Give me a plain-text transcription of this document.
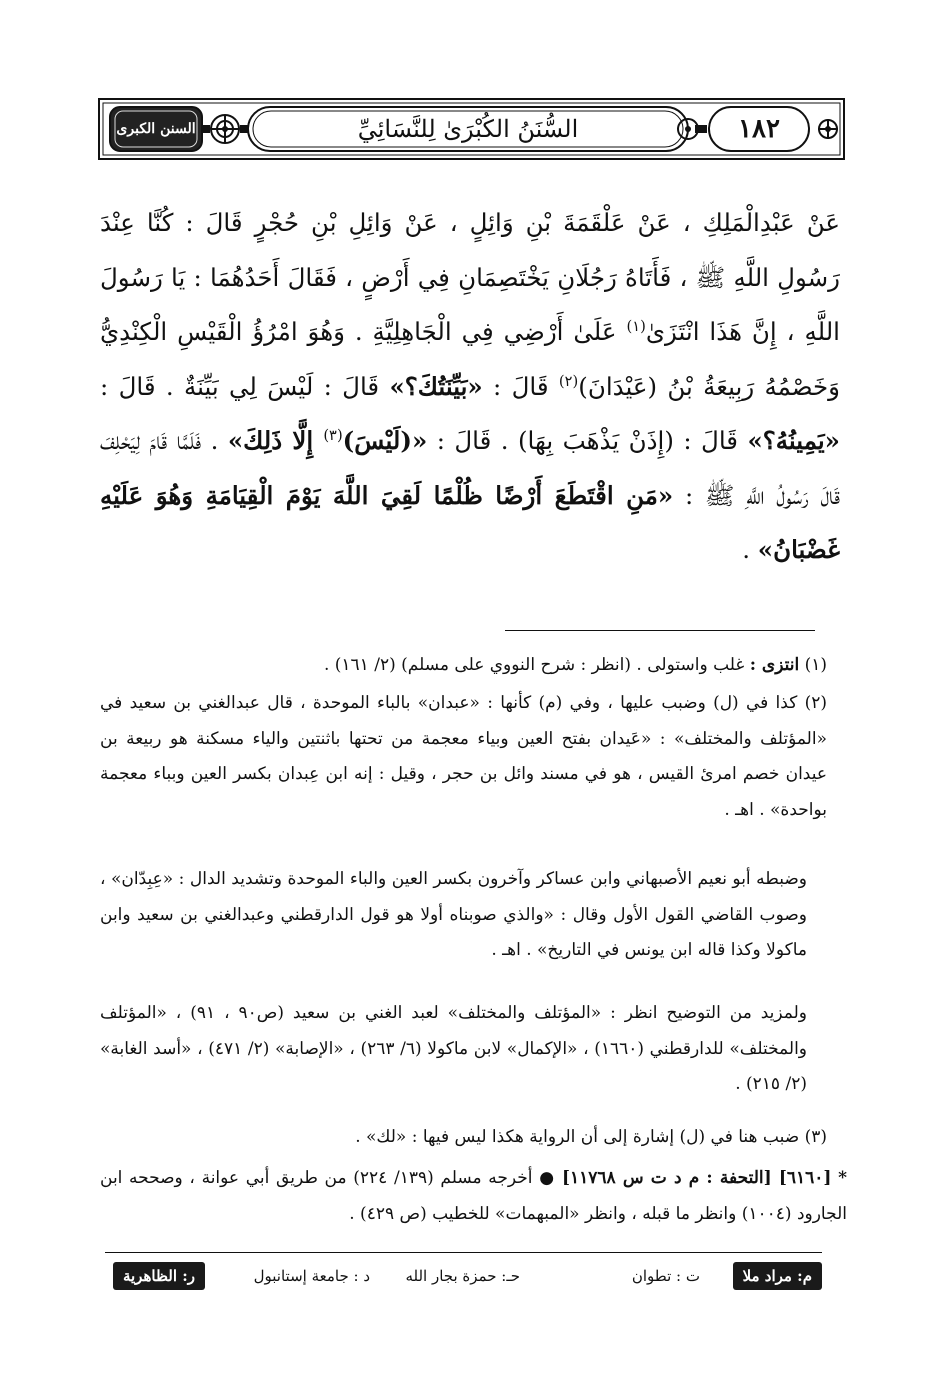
١٨٢
السُّنَنُ الكُبْرَىٰ لِلنَّسَائِيِّ
السنن الكبرى
عَنْ عَبْدِالْمَلِكِ ، عَنْ عَلْقَمَةَ بْنِ وَائِلٍ ، عَنْ وَائِلِ بْنِ حُجْرٍ قَالَ : كُنَّا عِنْدَ رَسُولِ اللَّهِ ﷺ ، فَأَتَاهُ رَجُلَانِ يَخْتَصِمَانِ فِي أَرْضٍ ، فَقَالَ أَحَدُهُمَا : يَا رَسُولَ اللَّهِ ، إِنَّ هَذَا انْتَزَىٰ$^{(١)}$ عَلَىٰ أَرْضِي فِي الْجَاهِلِيَّةِ . وَهُوَ امْرُؤُ الْقَيْسِ الْكِنْدِيُّ وَخَصْمُهُ رَبِيعَةُ بْنُ (عَيْدَانَ)$^{(٢)}$ قَالَ : «بَيِّنَتُكَ؟» قَالَ : لَيْسَ لِي بَيِّنَةٌ . قَالَ : «يَمِينُهُ؟» قَالَ : (إِذَنْ يَذْهَبَ بِهَا) . قَالَ : «(لَيْسَ)$^{(٣)}$ إِلَّا ذَلِكَ» . فَلَمَّا قَامَ لِيَحْلِفَ قَالَ رَسُولُ اللَّهِ ﷺ : «مَنِ اقْتَطَعَ أَرْضًا ظُلْمًا لَقِيَ اللَّهَ يَوْمَ الْقِيَامَةِ وَهُوَ عَلَيْهِ غَضْبَانُ» .

(١) انتزى : غلب واستولى . (انظر : شرح النووي على مسلم) (٢/ ١٦١) .

(٢) كذا في (ل) وضبب عليها ، وفي (م) كأنها : «عبدان» بالباء الموحدة ، قال عبدالغني بن سعيد في «المؤتلف والمختلف» : «عَيدان بفتح العين وبياء معجمة من تحتها باثنتين والياء مسكنة هو ربيعة بن عيدان خصم امرئ القيس ، هو في مسند وائل بن حجر ، وقيل : إنه ابن عِبدان بكسر العين وبباء معجمة بواحدة» . اهـ .

وضبطه أبو نعيم الأصبهاني وابن عساكر وآخرون بكسر العين والباء الموحدة وتشديد الدال : «عِبِدّان» ، وصوب القاضي القول الأول وقال : «والذي صوبناه أولا هو قول الدارقطني وعبدالغني بن سعيد وابن ماكولا وكذا قاله ابن يونس في التاريخ» . اهـ .

ولمزيد من التوضيح انظر : «المؤتلف والمختلف» لعبد الغني بن سعيد (ص٩٠ ، ٩١) ، «المؤتلف والمختلف» للدارقطني (١٦٦٠) ، «الإكمال» لابن ماكولا (٦/ ٢٦٣) ، «الإصابة» (٢/ ٤٧١) ، «أسد الغابة» (٢/ ٢١٥) .

(٣) ضبب هنا في (ل) إشارة إلى أن الرواية هكذا ليس فيها : «لك» .

* [٦١٦٠] [التحفة : م د ت س ١١٧٦٨] ● أخرجه مسلم (١٣٩/ ٢٢٤) من طريق أبي عوانة ، وصححه ابن الجارود (١٠٠٤) وانظر ما قبله ، وانظر «المبهمات» للخطيب (ص ٤٢٩) .

م: مراد ملا
ت : تطوان
حـ: حمزة بجار الله
د : جامعة إستانبول
ر: الظاهرية
